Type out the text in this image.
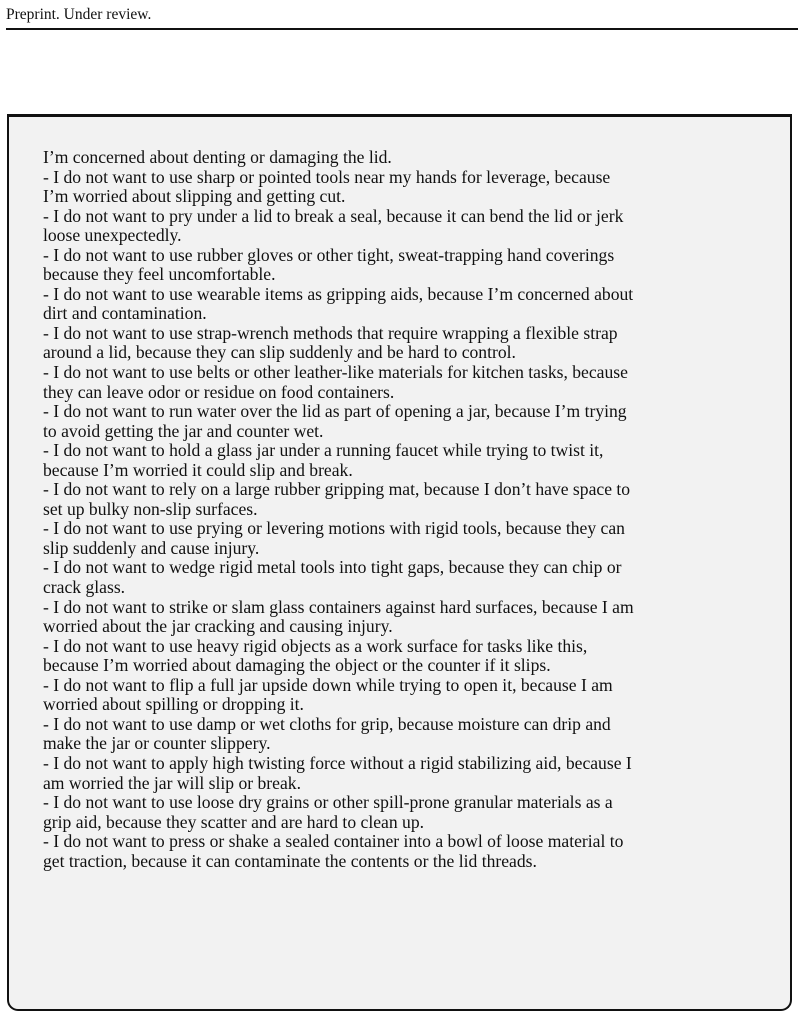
Preprint. Under review.
I’m concerned about denting or damaging the lid.
- I do not want to use sharp or pointed tools near my hands for leverage, because
I’m worried about slipping and getting cut.
- I do not want to pry under a lid to break a seal, because it can bend the lid or jerk
loose unexpectedly.
- I do not want to use rubber gloves or other tight, sweat-trapping hand coverings
because they feel uncomfortable.
- I do not want to use wearable items as gripping aids, because I’m concerned about
dirt and contamination.
- I do not want to use strap-wrench methods that require wrapping a flexible strap
around a lid, because they can slip suddenly and be hard to control.
- I do not want to use belts or other leather-like materials for kitchen tasks, because
they can leave odor or residue on food containers.
- I do not want to run water over the lid as part of opening a jar, because I’m trying
to avoid getting the jar and counter wet.
- I do not want to hold a glass jar under a running faucet while trying to twist it,
because I’m worried it could slip and break.
- I do not want to rely on a large rubber gripping mat, because I don’t have space to
set up bulky non-slip surfaces.
- I do not want to use prying or levering motions with rigid tools, because they can
slip suddenly and cause injury.
- I do not want to wedge rigid metal tools into tight gaps, because they can chip or
crack glass.
- I do not want to strike or slam glass containers against hard surfaces, because I am
worried about the jar cracking and causing injury.
- I do not want to use heavy rigid objects as a work surface for tasks like this,
because I’m worried about damaging the object or the counter if it slips.
- I do not want to flip a full jar upside down while trying to open it, because I am
worried about spilling or dropping it.
- I do not want to use damp or wet cloths for grip, because moisture can drip and
make the jar or counter slippery.
- I do not want to apply high twisting force without a rigid stabilizing aid, because I
am worried the jar will slip or break.
- I do not want to use loose dry grains or other spill-prone granular materials as a
grip aid, because they scatter and are hard to clean up.
- I do not want to press or shake a sealed container into a bowl of loose material to
get traction, because it can contaminate the contents or the lid threads.
